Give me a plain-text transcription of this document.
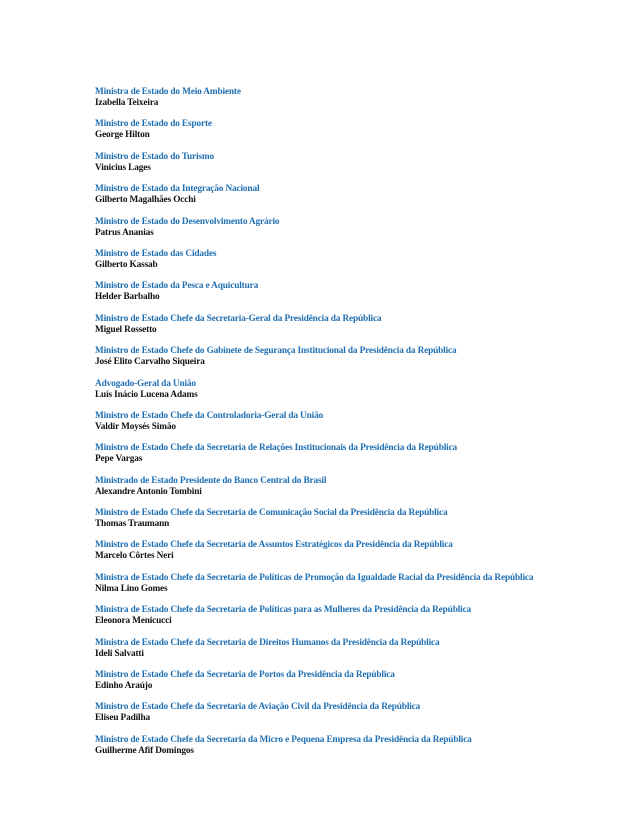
Ministra de Estado do Meio Ambiente
Izabella Teixeira
Ministro de Estado do Esporte
George Hilton
Ministro de Estado do Turismo
Vinicius Lages
Ministro de Estado da Integração Nacional
Gilberto Magalhães Occhi
Ministro de Estado do Desenvolvimento Agrário
Patrus Ananias
Ministro de Estado das Cidades
Gilberto Kassab
Ministro de Estado da Pesca e Aquicultura
Helder Barbalho
Ministro de Estado Chefe da Secretaria-Geral da Presidência da República
Miguel Rossetto
Ministro de Estado Chefe do Gabinete de Segurança Institucional da Presidência da República
José Elito Carvalho Siqueira
Advogado-Geral da União
Luís Inácio Lucena Adams
Ministro de Estado Chefe da Controladoria-Geral da União
Valdir Moysés Simão
Ministro de Estado Chefe da Secretaria de Relações Institucionais da Presidência da República
Pepe Vargas
Ministrado de Estado Presidente do Banco Central do Brasil
Alexandre Antonio Tombini
Ministro de Estado Chefe da Secretaria de Comunicação Social da Presidência da República
Thomas Traumann
Ministro de Estado Chefe da Secretaria de Assuntos Estratégicos da Presidência da República
Marcelo Côrtes Neri
Ministra de Estado Chefe da Secretaria de Políticas de Promoção da Igualdade Racial da Presidência da República
Nilma Lino Gomes
Ministra de Estado Chefe da Secretaria de Políticas para as Mulheres da Presidência da República
Eleonora Menicucci
Ministra de Estado Chefe da Secretaria de Direitos Humanos da Presidência da República
Ideli Salvatti
Ministro de Estado Chefe da Secretaria de Portos da Presidência da República
Edinho Araújo
Ministro de Estado Chefe da Secretaria de Aviação Civil da Presidência da República
Eliseu Padilha
Ministro de Estado Chefe da Secretaria da Micro e Pequena Empresa da Presidência da República
Guilherme Afif Domingos
